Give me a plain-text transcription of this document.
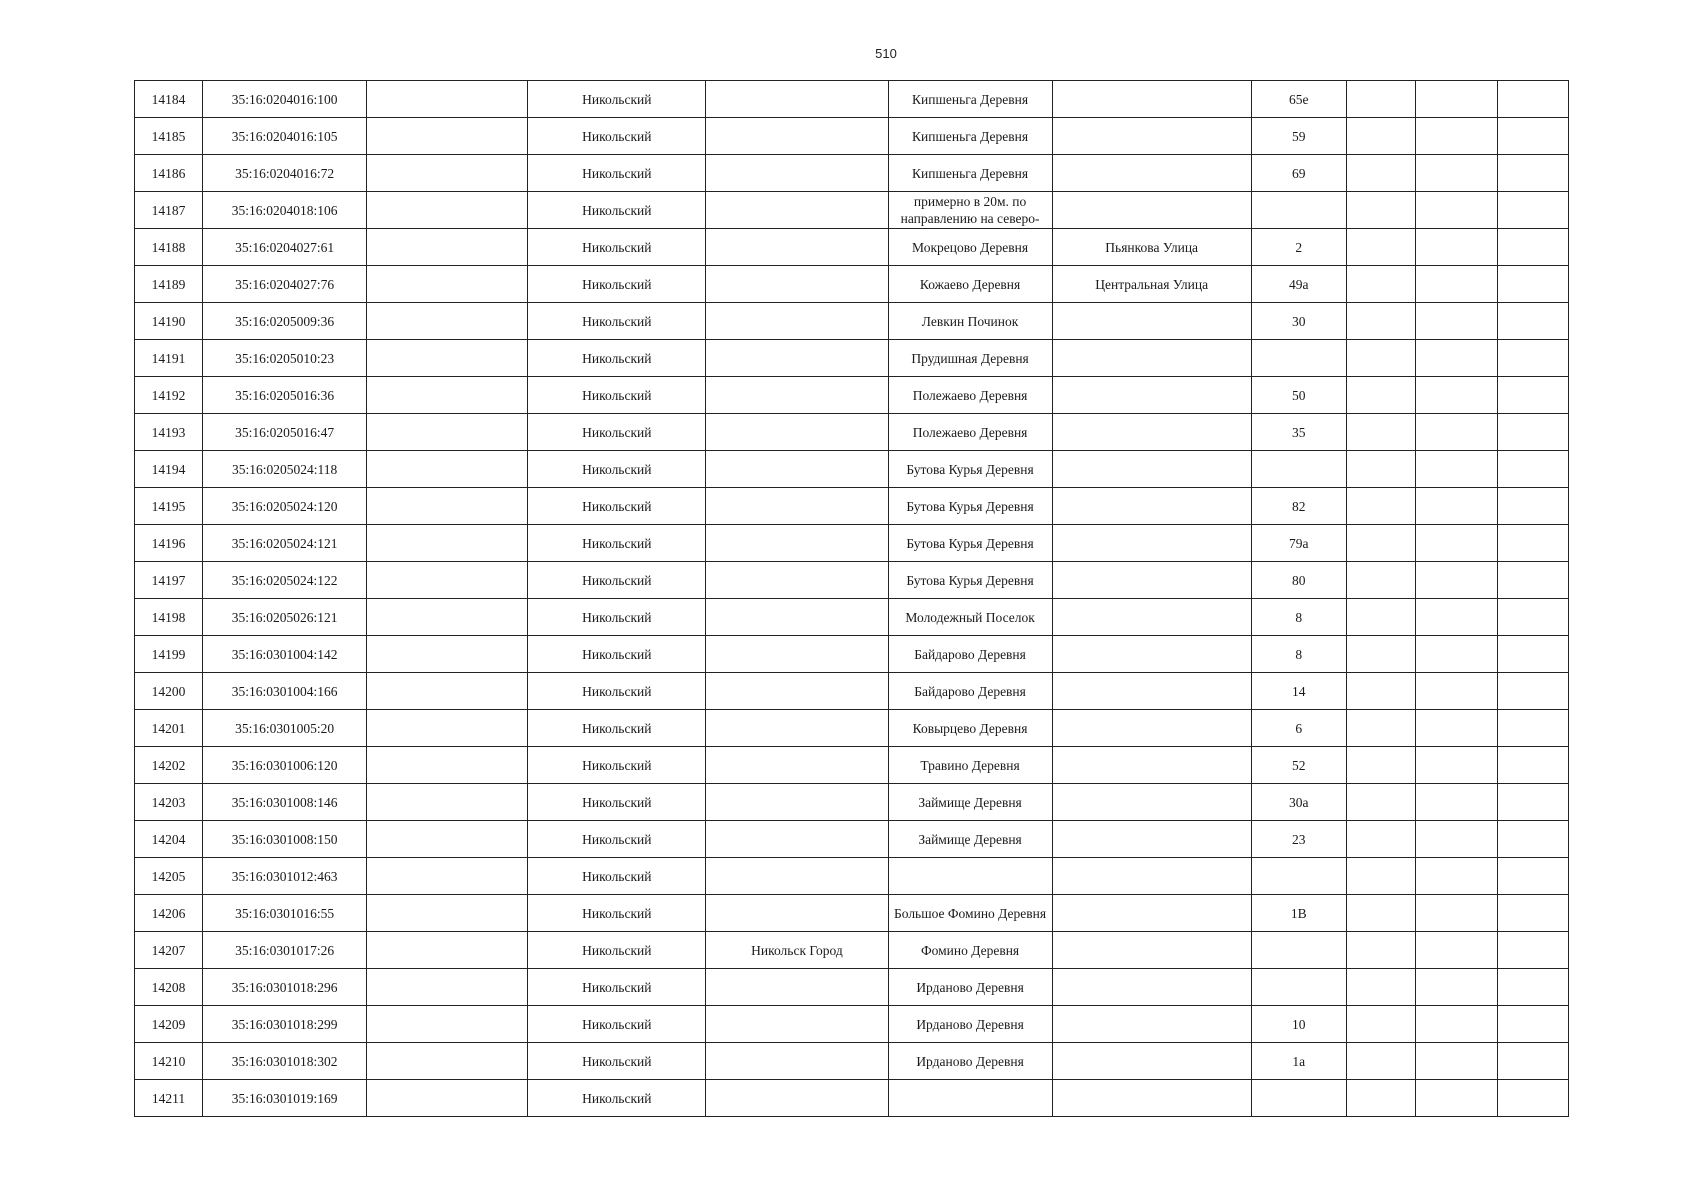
510
14184	35:16:0204016:100		Никольский		Кипшеньга Деревня		65е			
14185	35:16:0204016:105		Никольский		Кипшеньга Деревня		59			
14186	35:16:0204016:72		Никольский		Кипшеньга Деревня		69			
14187	35:16:0204018:106		Никольский		примерно в 20м. по направлению на северо-					
14188	35:16:0204027:61		Никольский		Мокрецово Деревня	Пьянкова Улица	2			
14189	35:16:0204027:76		Никольский		Кожаево Деревня	Центральная Улица	49а			
14190	35:16:0205009:36		Никольский		Левкин Починок		30			
14191	35:16:0205010:23		Никольский		Прудишная Деревня					
14192	35:16:0205016:36		Никольский		Полежаево Деревня		50			
14193	35:16:0205016:47		Никольский		Полежаево Деревня		35			
14194	35:16:0205024:118		Никольский		Бутова Курья Деревня					
14195	35:16:0205024:120		Никольский		Бутова Курья Деревня		82			
14196	35:16:0205024:121		Никольский		Бутова Курья Деревня		79а			
14197	35:16:0205024:122		Никольский		Бутова Курья Деревня		80			
14198	35:16:0205026:121		Никольский		Молодежный Поселок		8			
14199	35:16:0301004:142		Никольский		Байдарово Деревня		8			
14200	35:16:0301004:166		Никольский		Байдарово Деревня		14			
14201	35:16:0301005:20		Никольский		Ковырцево Деревня		6			
14202	35:16:0301006:120		Никольский		Травино Деревня		52			
14203	35:16:0301008:146		Никольский		Займище Деревня		30а			
14204	35:16:0301008:150		Никольский		Займище Деревня		23			
14205	35:16:0301012:463		Никольский							
14206	35:16:0301016:55		Никольский		Большое Фомино Деревня		1В			
14207	35:16:0301017:26		Никольский	Никольск Город	Фомино Деревня					
14208	35:16:0301018:296		Никольский		Ирданово Деревня					
14209	35:16:0301018:299		Никольский		Ирданово Деревня		10			
14210	35:16:0301018:302		Никольский		Ирданово Деревня		1а			
14211	35:16:0301019:169		Никольский							
